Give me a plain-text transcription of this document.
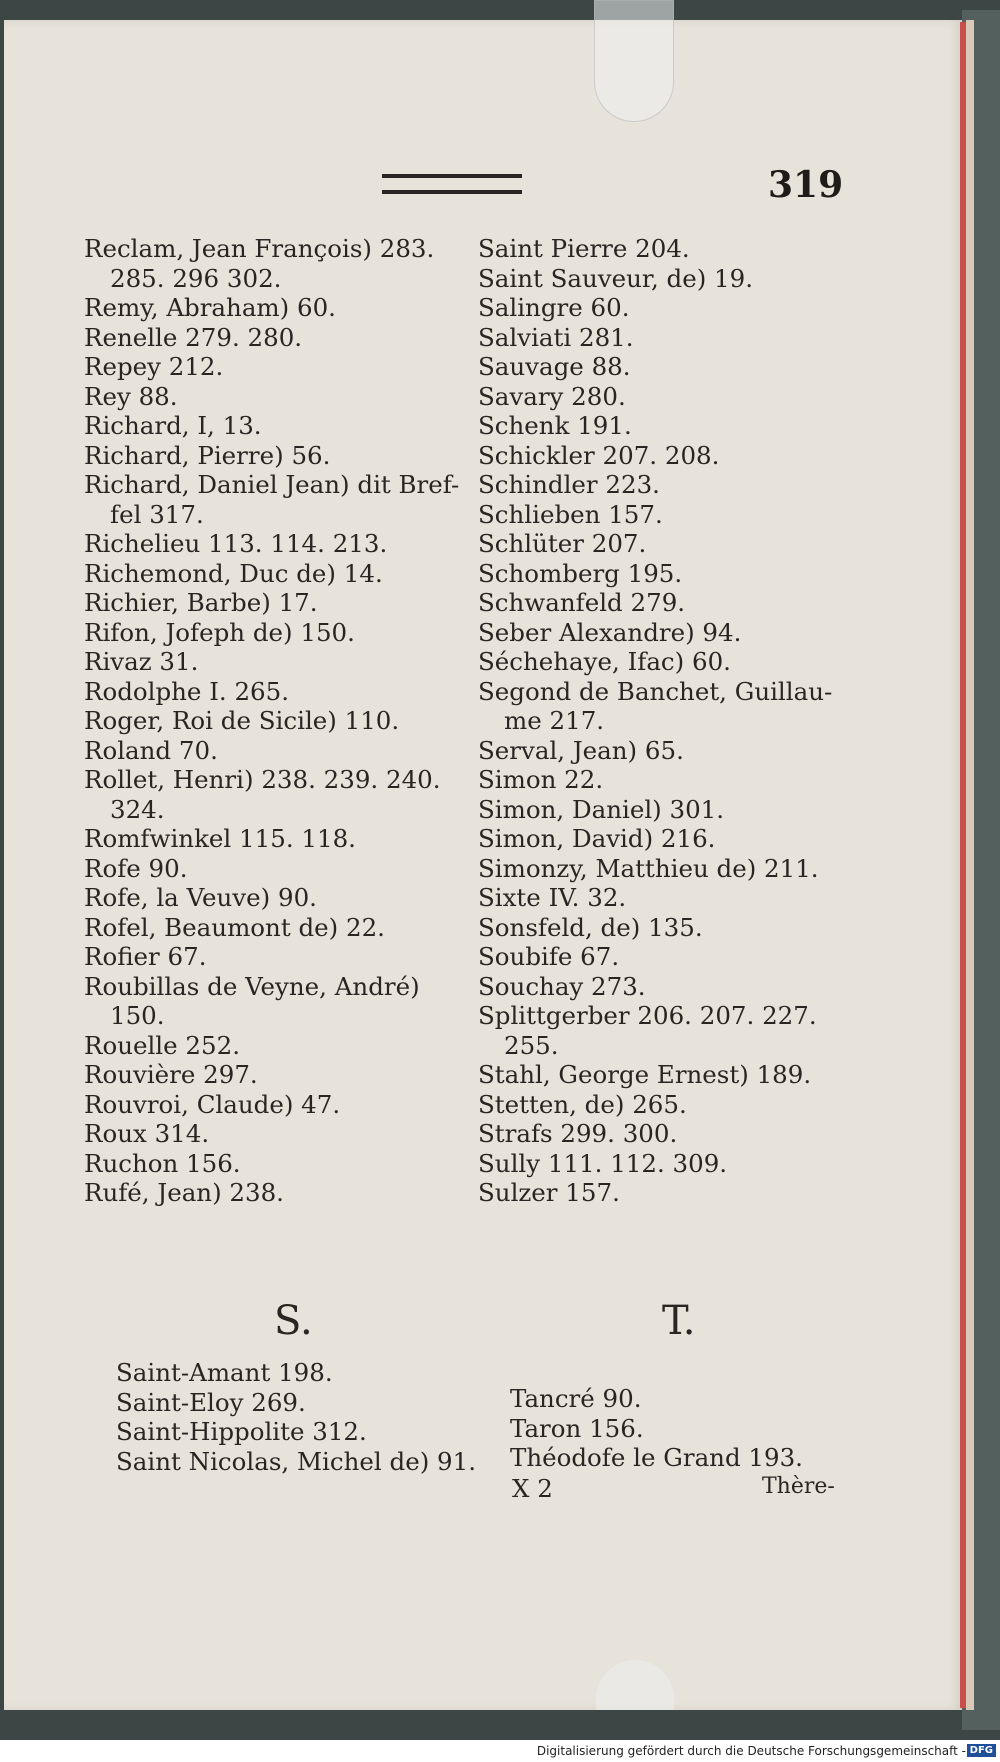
319
Reclam, Jean François) 283.
285. 296 302.
Remy, Abraham) 60.
Renelle 279. 280.
Repey 212.
Rey 88.
Richard, I, 13.
Richard, Pierre) 56.
Richard, Daniel Jean) dit Bref-
fel 317.
Richelieu 113. 114. 213.
Richemond, Duc de) 14.
Richier, Barbe) 17.
Rifon, Jofeph de) 150.
Rivaz 31.
Rodolphe I. 265.
Roger, Roi de Sicile) 110.
Roland 70.
Rollet, Henri) 238. 239. 240.
324.
Romfwinkel 115. 118.
Rofe 90.
Rofe, la Veuve) 90.
Rofel, Beaumont de) 22.
Rofier 67.
Roubillas de Veyne, André)
150.
Rouelle 252.
Rouvière 297.
Rouvroi, Claude) 47.
Roux 314.
Ruchon 156.
Rufé, Jean) 238.
Saint Pierre 204.
Saint Sauveur, de) 19.
Salingre 60.
Salviati 281.
Sauvage 88.
Savary 280.
Schenk 191.
Schickler 207. 208.
Schindler 223.
Schlieben 157.
Schlüter 207.
Schomberg 195.
Schwanfeld 279.
Seber Alexandre) 94.
Séchehaye, Ifac) 60.
Segond de Banchet, Guillau-
me 217.
Serval, Jean) 65.
Simon 22.
Simon, Daniel) 301.
Simon, David) 216.
Simonzy, Matthieu de) 211.
Sixte IV. 32.
Sonsfeld, de) 135.
Soubife 67.
Souchay 273.
Splittgerber 206. 207. 227.
255.
Stahl, George Ernest) 189.
Stetten, de) 265.
Strafs 299. 300.
Sully 111. 112. 309.
Sulzer 157.
S.	T.
Saint-Amant 198.
Saint-Eloy 269.
Saint-Hippolite 312.
Saint Nicolas, Michel de) 91.
Tancré 90.
Taron 156.
Théodofe le Grand 193.
X 2	Thère-
Digitalisierung gefördert durch die Deutsche Forschungsgemeinschaft - DFG
